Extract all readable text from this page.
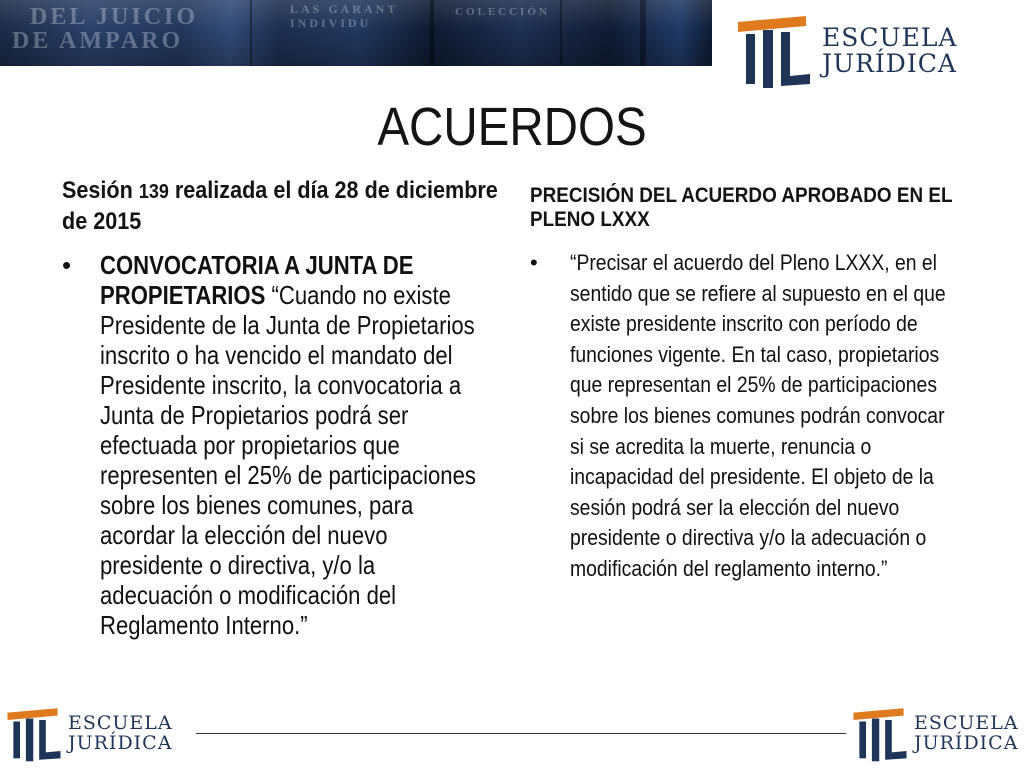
DEL JUICIO
DE AMPARO
LAS GARANT
INDIVIDU
COLECCIÓN
ESCUELA
JURÍDICA
ACUERDOS
Sesión 139 realizada el día 28 de diciembre de 2015
• CONVOCATORIA A JUNTA DE PROPIETARIOS “Cuando no existe Presidente de la Junta de Propietarios inscrito o ha vencido el mandato del Presidente inscrito, la convocatoria a Junta de Propietarios podrá ser efectuada por propietarios que representen el 25% de participaciones sobre los bienes comunes, para acordar la elección del nuevo presidente o directiva, y/o la adecuación o modificación del Reglamento Interno.”
PRECISIÓN DEL ACUERDO APROBADO EN EL PLENO LXXX
• “Precisar el acuerdo del Pleno LXXX, en el sentido que se refiere al supuesto en el que existe presidente inscrito con período de funciones vigente. En tal caso, propietarios que representan el 25% de participaciones sobre los bienes comunes podrán convocar si se acredita la muerte, renuncia o incapacidad del presidente. El objeto de la sesión podrá ser la elección del nuevo presidente o directiva y/o la adecuación o modificación del reglamento interno.”
ESCUELA
JURÍDICA
ESCUELA
JURÍDICA
